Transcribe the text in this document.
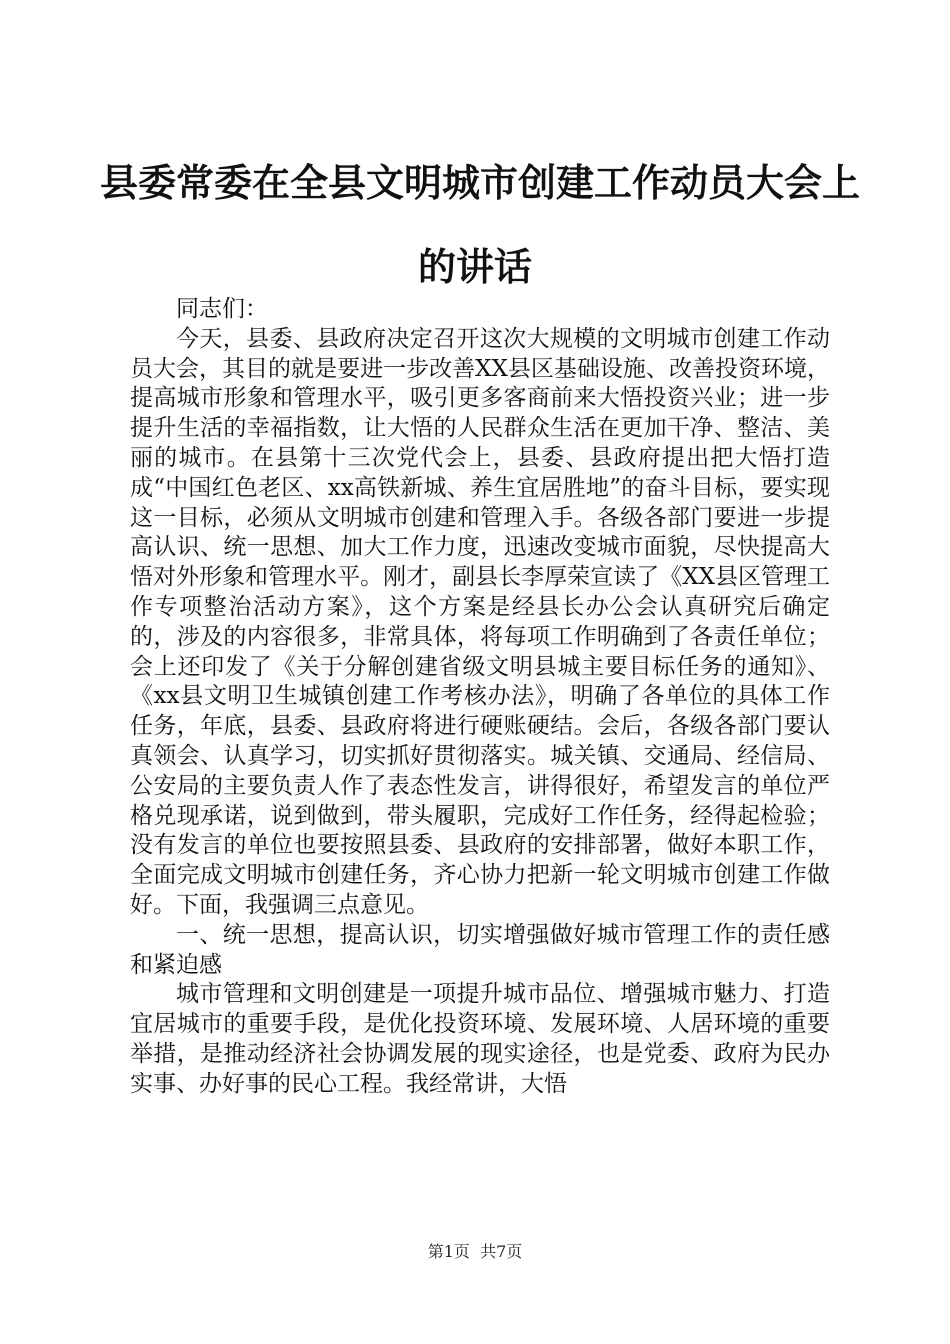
县委常委在全县文明城市创建工作动员大会上
的讲话

同志们：

今天，县委、县政府决定召开这次大规模的文明城市创建工作动员大会，其目的就是要进一步改善XX县区基础设施、改善投资环境，提高城市形象和管理水平，吸引更多客商前来大悟投资兴业；进一步提升生活的幸福指数，让大悟的人民群众生活在更加干净、整洁、美丽的城市。在县第十三次党代会上，县委、县政府提出把大悟打造成“中国红色老区、xx高铁新城、养生宜居胜地”的奋斗目标，要实现这一目标，必须从文明城市创建和管理入手。各级各部门要进一步提高认识、统一思想、加大工作力度，迅速改变城市面貌，尽快提高大悟对外形象和管理水平。刚才，副县长李厚荣宣读了《XX县区管理工作专项整治活动方案》，这个方案是经县长办公会认真研究后确定的，涉及的内容很多，非常具体，将每项工作明确到了各责任单位；会上还印发了《关于分解创建省级文明县城主要目标任务的通知》、《xx县文明卫生城镇创建工作考核办法》，明确了各单位的具体工作任务，年底，县委、县政府将进行硬账硬结。会后，各级各部门要认真领会、认真学习，切实抓好贯彻落实。城关镇、交通局、经信局、公安局的主要负责人作了表态性发言，讲得很好，希望发言的单位严格兑现承诺，说到做到，带头履职，完成好工作任务，经得起检验；没有发言的单位也要按照县委、县政府的安排部署，做好本职工作，全面完成文明城市创建任务，齐心协力把新一轮文明城市创建工作做好。下面，我强调三点意见。

一、统一思想，提高认识，切实增强做好城市管理工作的责任感和紧迫感

城市管理和文明创建是一项提升城市品位、增强城市魅力、打造宜居城市的重要手段，是优化投资环境、发展环境、人居环境的重要举措，是推动经济社会协调发展的现实途径，也是党委、政府为民办实事、办好事的民心工程。我经常讲，大悟

第1页  共7页
